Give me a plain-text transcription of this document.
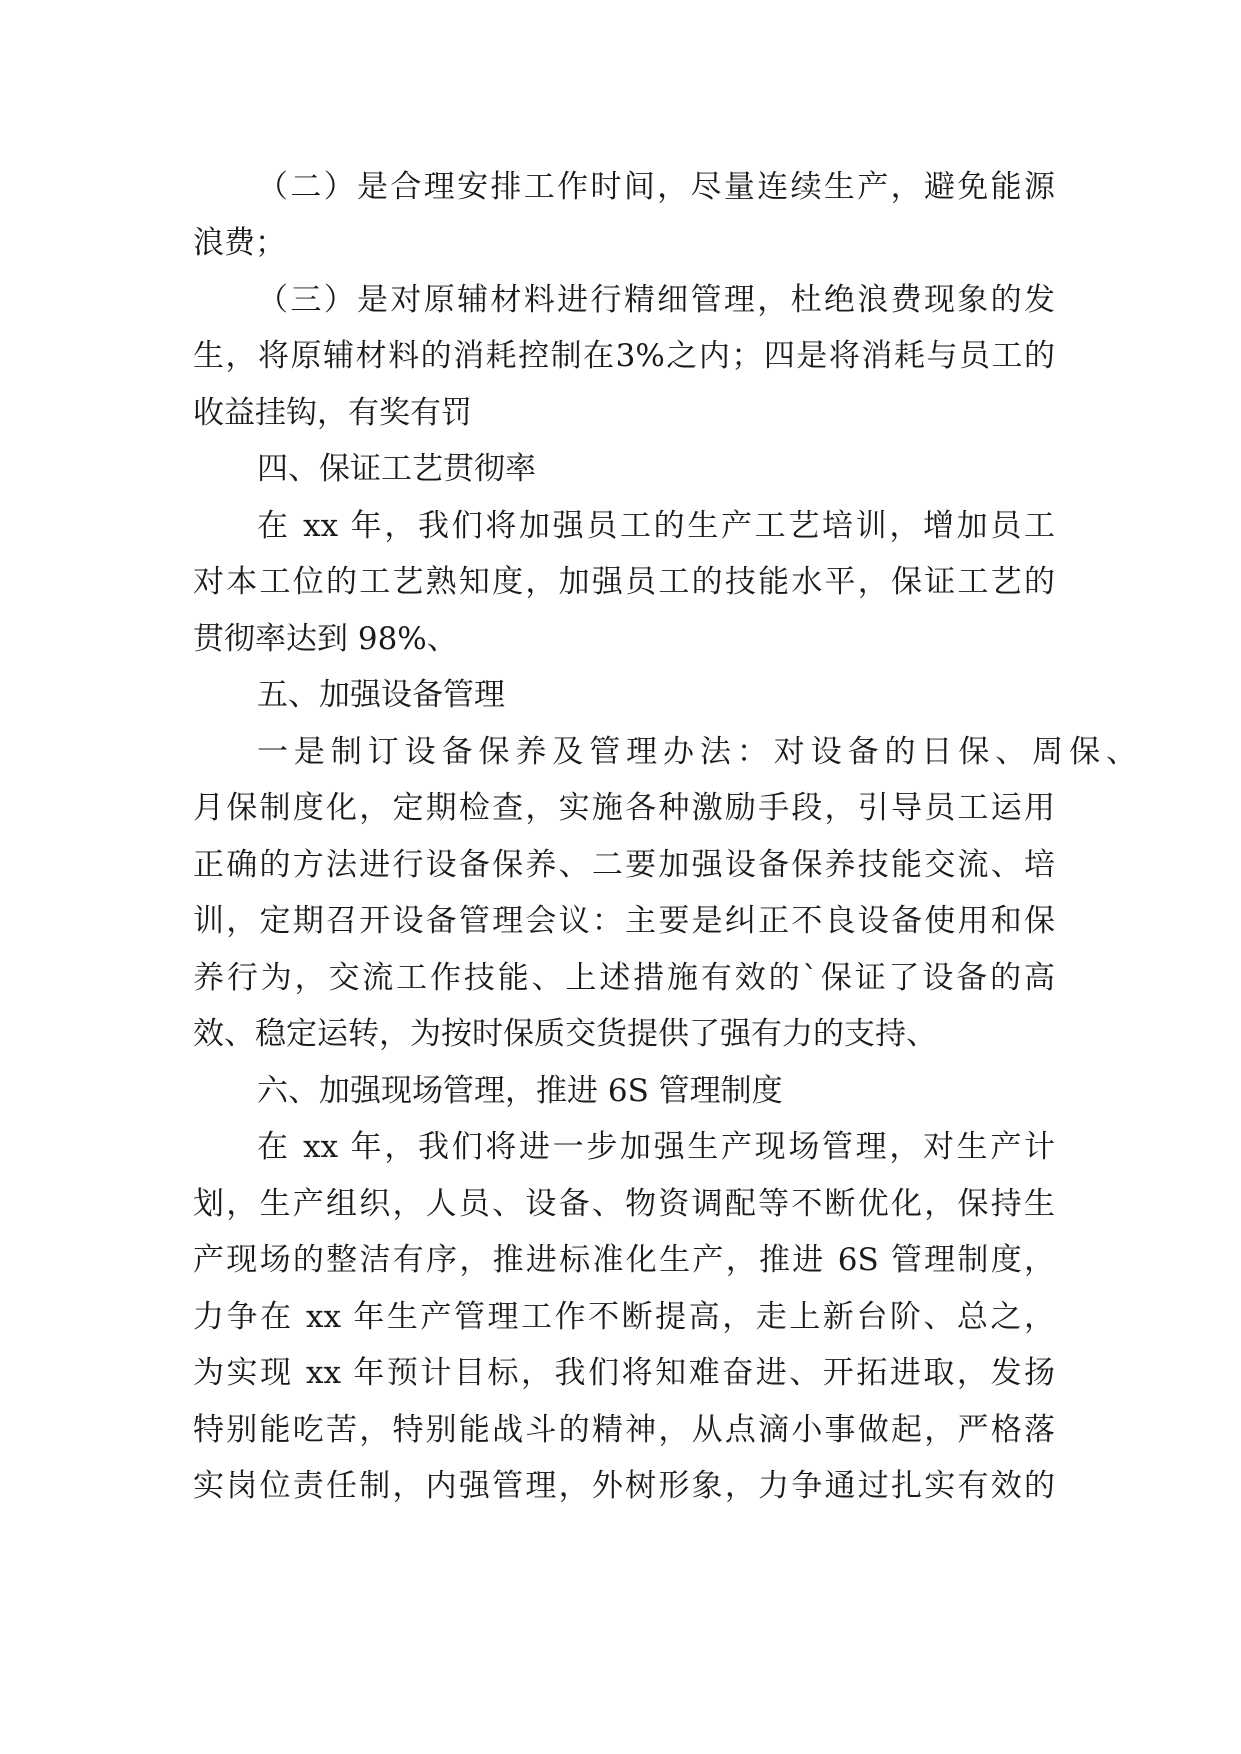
（二）是合理安排工作时间，尽量连续生产，避免能源
浪费；
（三）是对原辅材料进行精细管理，杜绝浪费现象的发
生，将原辅材料的消耗控制在3%之内；四是将消耗与员工的
收益挂钩，有奖有罚
四、保证工艺贯彻率
在 xx 年，我们将加强员工的生产工艺培训，增加员工
对本工位的工艺熟知度，加强员工的技能水平，保证工艺的
贯彻率达到 98%、
五、加强设备管理
一是制订设备保养及管理办法：对设备的日保、周保、
月保制度化，定期检查，实施各种激励手段，引导员工运用
正确的方法进行设备保养、二要加强设备保养技能交流、培
训，定期召开设备管理会议：主要是纠正不良设备使用和保
养行为，交流工作技能、上述措施有效的`保证了设备的高
效、稳定运转，为按时保质交货提供了强有力的支持、
六、加强现场管理，推进 6S 管理制度
在 xx 年，我们将进一步加强生产现场管理，对生产计
划，生产组织，人员、设备、物资调配等不断优化，保持生
产现场的整洁有序，推进标准化生产，推进 6S 管理制度，
力争在 xx 年生产管理工作不断提高，走上新台阶、总之，
为实现 xx 年预计目标，我们将知难奋进、开拓进取，发扬
特别能吃苦，特别能战斗的精神，从点滴小事做起，严格落
实岗位责任制，内强管理，外树形象，力争通过扎实有效的
